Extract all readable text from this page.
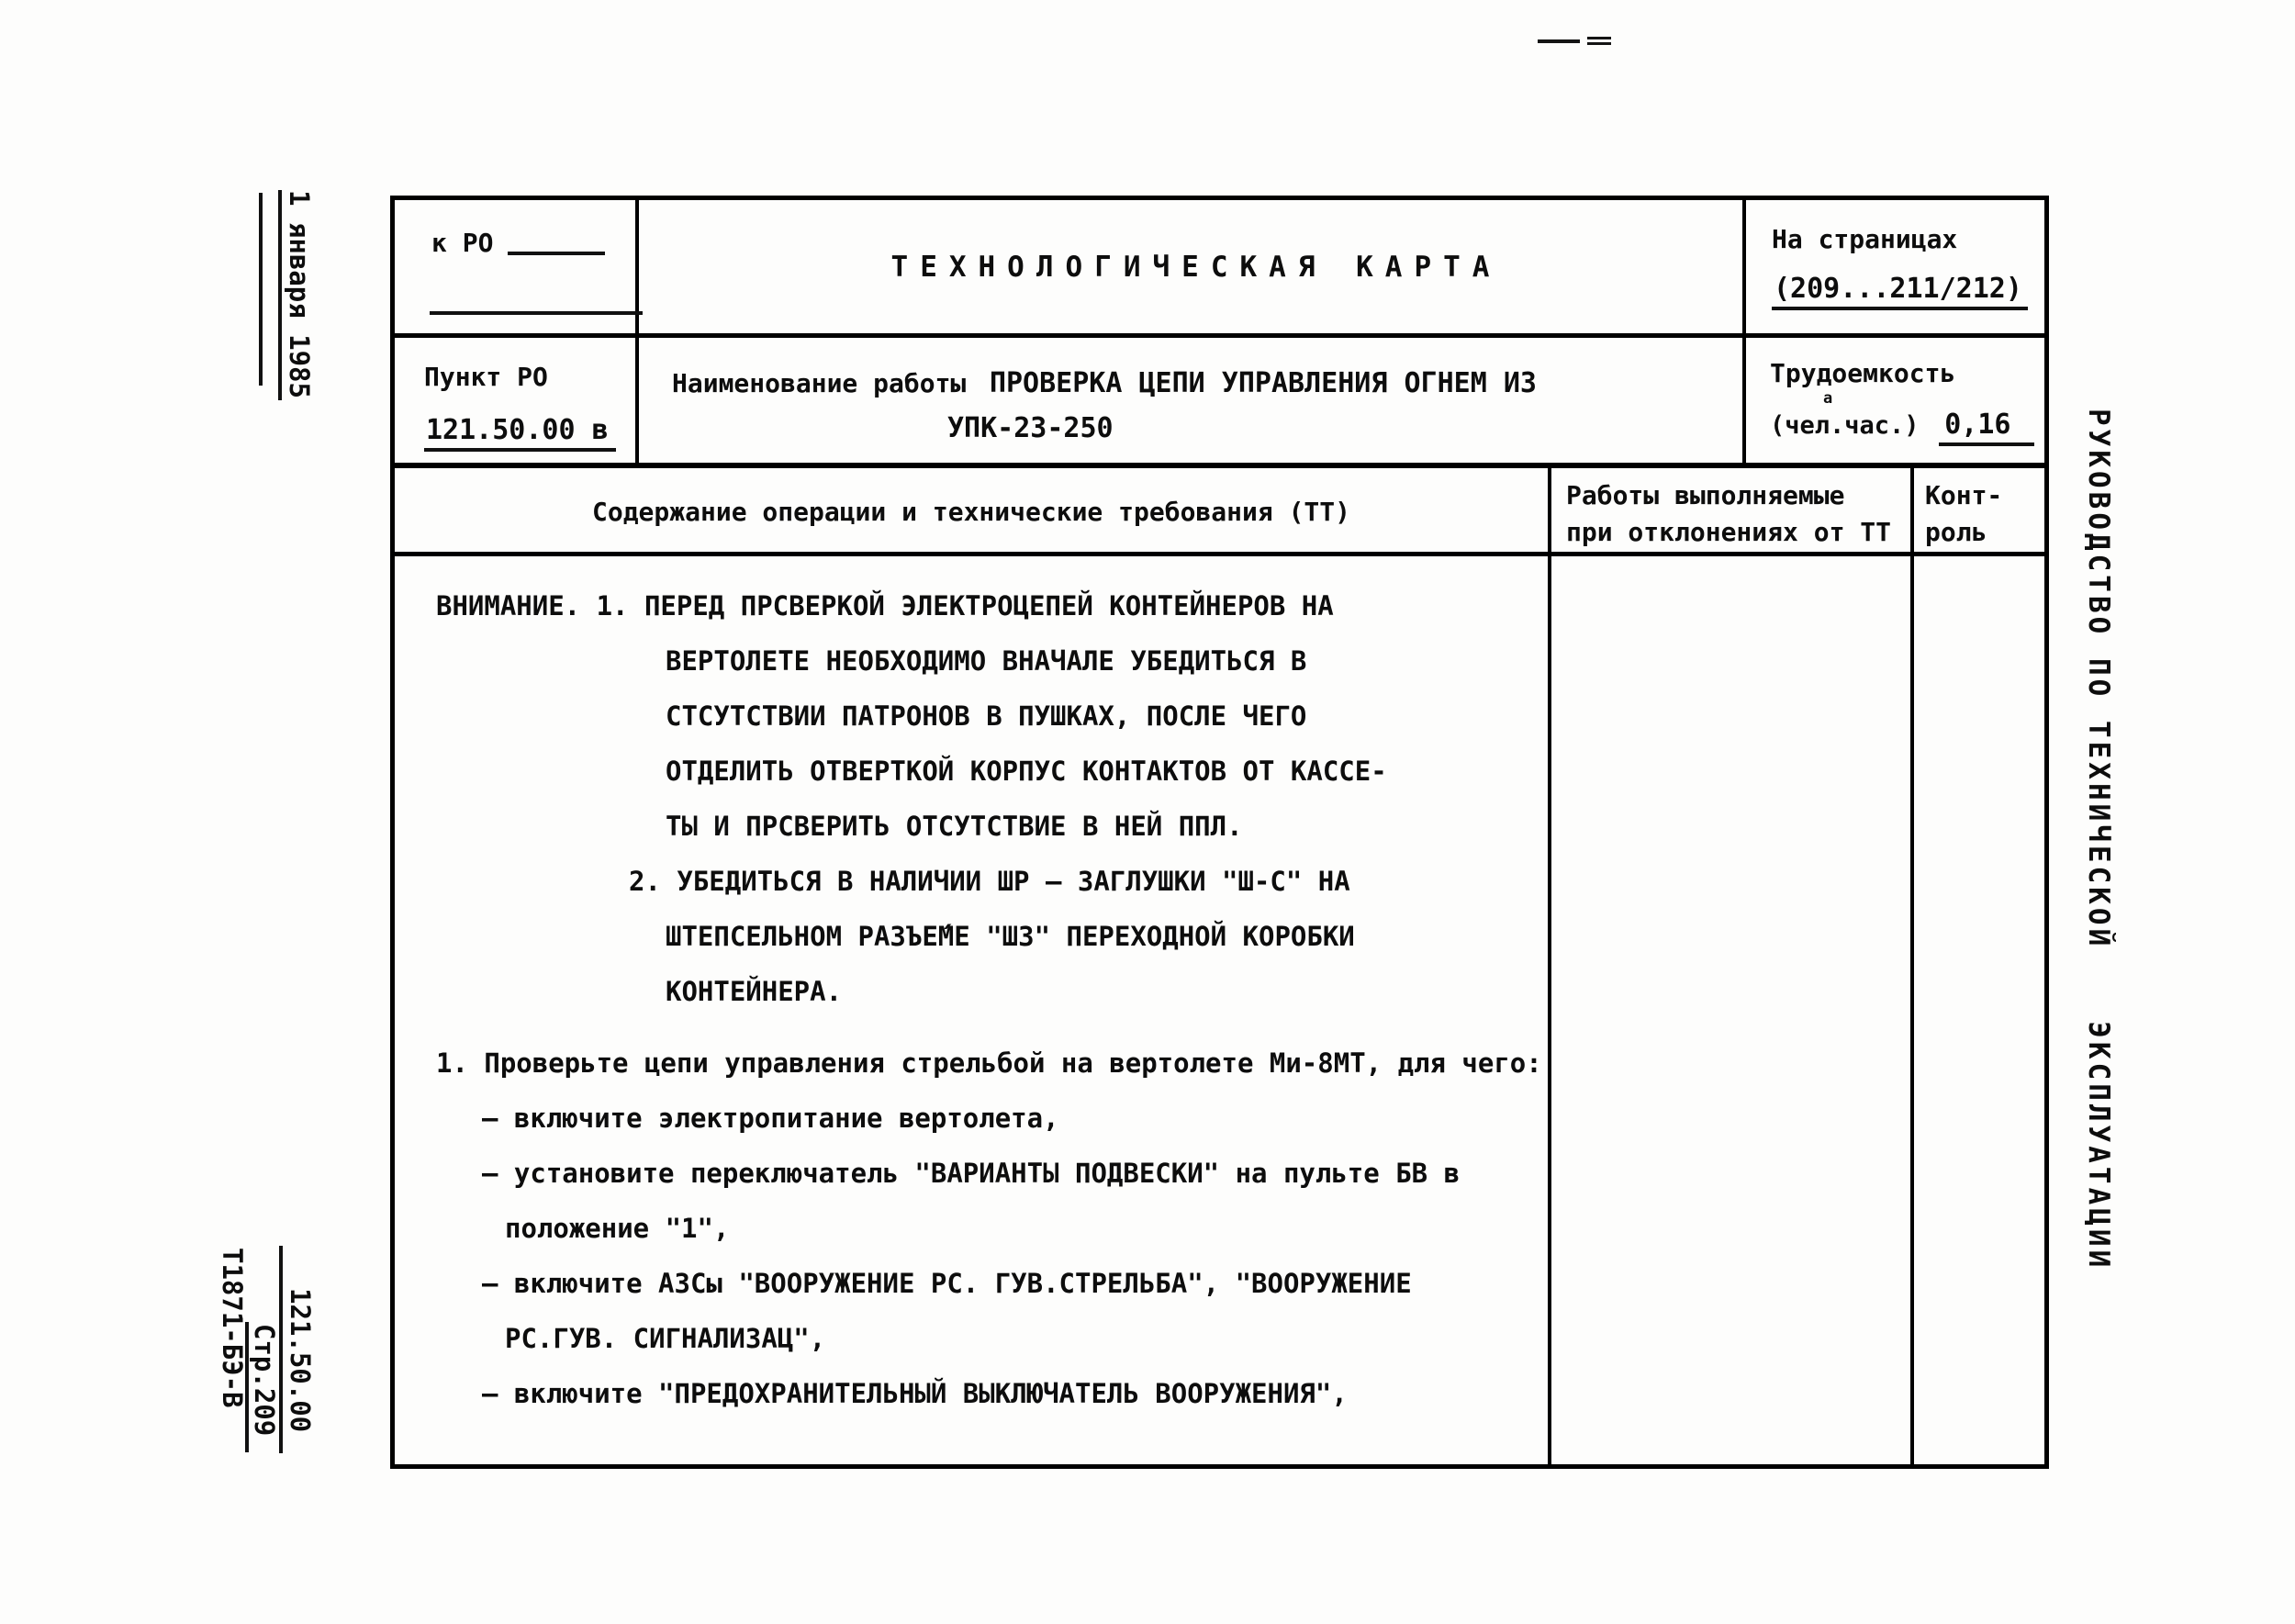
1 января 1985
121.50.00
Стр.209
Т1871-БЭ-В
РУКОВОДСТВО ПО ТЕХНИЧЕСКОЙ
ЭКСПЛУАТАЦИИ
к РО
ТЕХНОЛОГИЧЕСКАЯ КАРТА
На страницах
(209...211/212)
Пункт РО
121.50.00 в
Наименование работы ПРОВЕРКА ЦЕПИ УПРАВЛЕНИЯ ОГНЕМ ИЗ
УПК-23-250
Трудоемкость
а
(чел.час.) 0,16
Содержание операции и технические требования (ТТ)
Работы выполняемые
при отклонениях от ТТ
Конт-
роль
ВНИМАНИЕ. 1. ПЕРЕД ПРСВЕРКОЙ ЭЛЕКТРОЦЕПЕЙ КОНТЕЙНЕРОВ НА
ВЕРТОЛЕТЕ НЕОБХОДИМО ВНАЧАЛЕ УБЕДИТЬСЯ В
СТСУТСТВИИ ПАТРОНОВ В ПУШКАХ, ПОСЛЕ ЧЕГО
ОТДЕЛИТЬ ОТВЕРТКОЙ КОРПУС КОНТАКТОВ ОТ КАССЕ-
ТЫ И ПРСВЕРИТЬ ОТСУТСТВИЕ В НЕЙ ППЛ.
2. УБЕДИТЬСЯ В НАЛИЧИИ ШР – ЗАГЛУШКИ "Ш-С" НА
ШТЕПСЕЛЬНОМ РАЗЪЕ́МЕ "ШЗ" ПЕРЕХОДНОЙ КОРОБКИ
КОНТЕЙНЕРА.
1. Проверьте цепи управления стрельбой на вертолете Ми-8МТ, для чего:
– включите электропитание вертолета,
– установите переключатель "ВАРИАНТЫ ПОДВЕСКИ" на пульте БВ в
положение "1",
– включите АЗСы "ВООРУЖЕНИЕ РС. ГУВ.СТРЕЛЬБА", "ВООРУЖЕНИЕ
РС.ГУВ. СИГНАЛИЗАЦ",
– включите "ПРЕДОХРАНИТЕЛЬНЫЙ ВЫКЛЮЧАТЕЛЬ ВООРУЖЕНИЯ",
